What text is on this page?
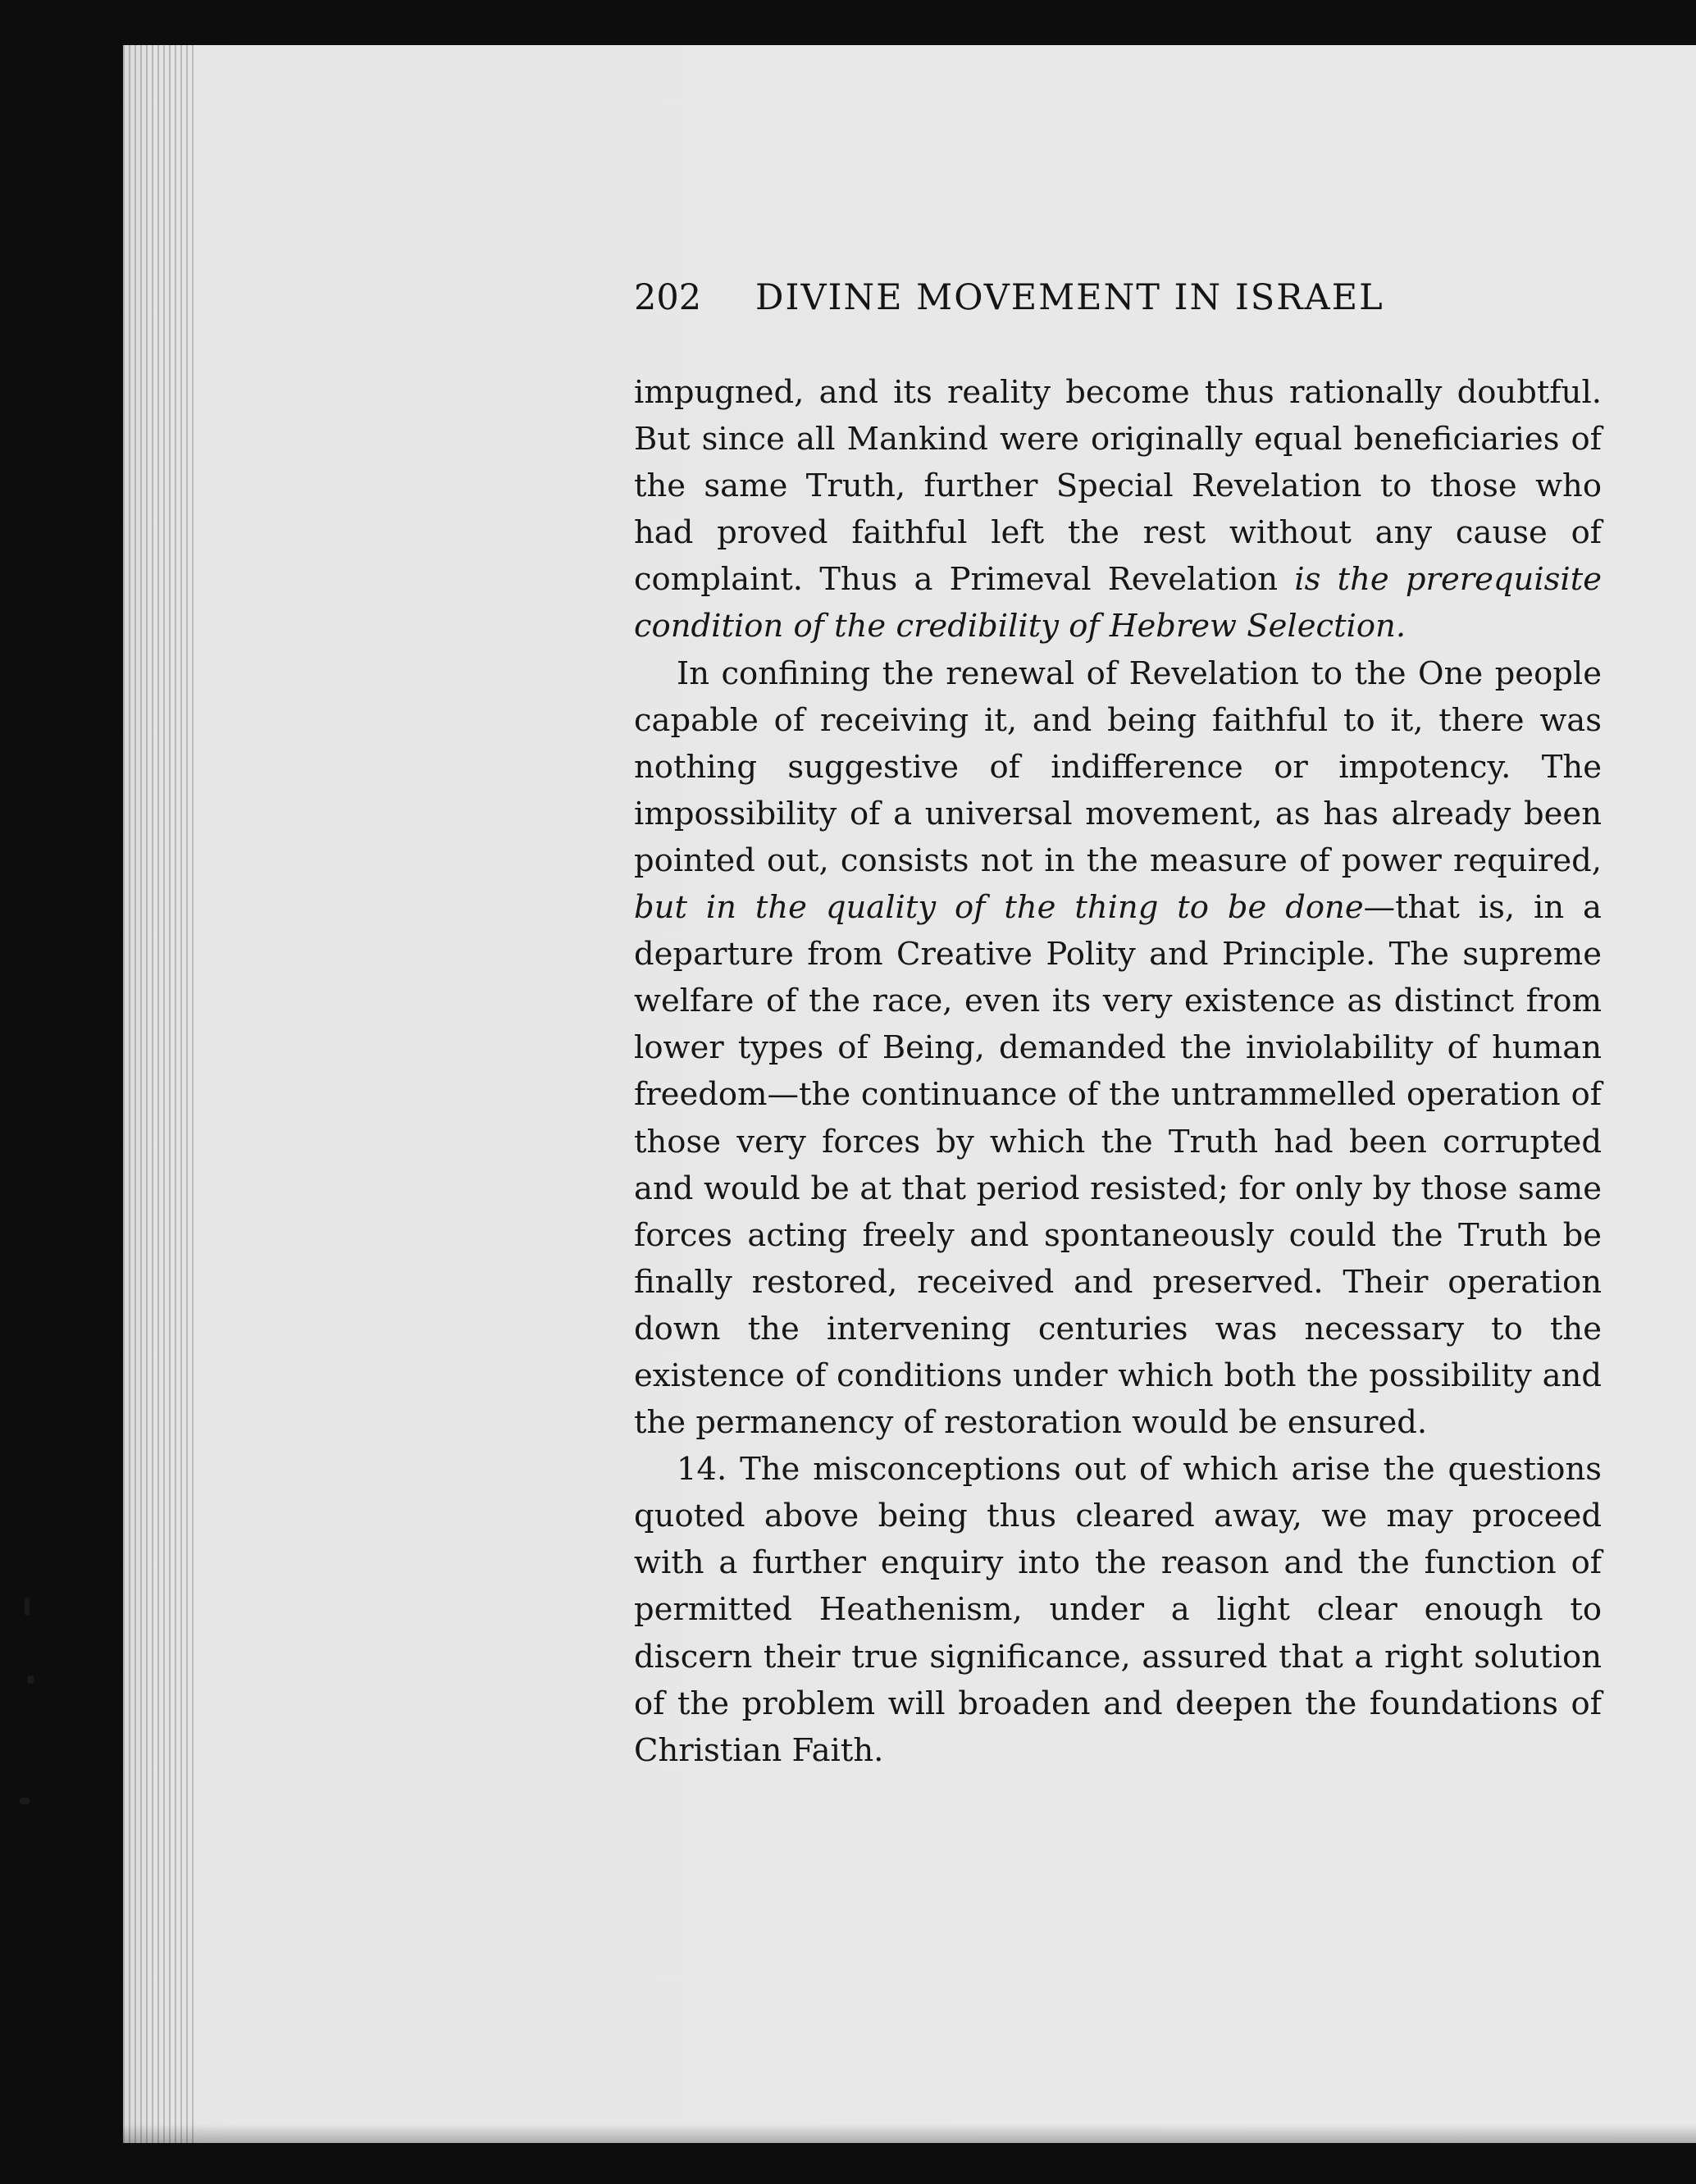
202 DIVINE MOVEMENT IN ISRAEL

impugned, and its reality become thus rationally doubtful. But since all Mankind were originally equal beneficiaries of the same Truth, further Special Revelation to those who had proved faithful left the rest without any cause of complaint. Thus a Primeval Revelation is the prerequisite condition of the credibility of Hebrew Selection.

In confining the renewal of Revelation to the One people capable of receiving it, and being faithful to it, there was nothing suggestive of indifference or impotency. The impossibility of a universal movement, as has already been pointed out, consists not in the measure of power required, but in the quality of the thing to be done—that is, in a departure from Creative Polity and Principle. The supreme welfare of the race, even its very existence as distinct from lower types of Being, demanded the inviolability of human freedom—the continuance of the untrammelled operation of those very forces by which the Truth had been corrupted and would be at that period resisted; for only by those same forces acting freely and spontaneously could the Truth be finally restored, received and preserved. Their operation down the intervening centuries was necessary to the existence of conditions under which both the possibility and the permanency of restoration would be ensured.

14. The misconceptions out of which arise the questions quoted above being thus cleared away, we may proceed with a further enquiry into the reason and the function of permitted Heathenism, under a light clear enough to discern their true significance, assured that a right solution of the problem will broaden and deepen the foundations of Christian Faith.
